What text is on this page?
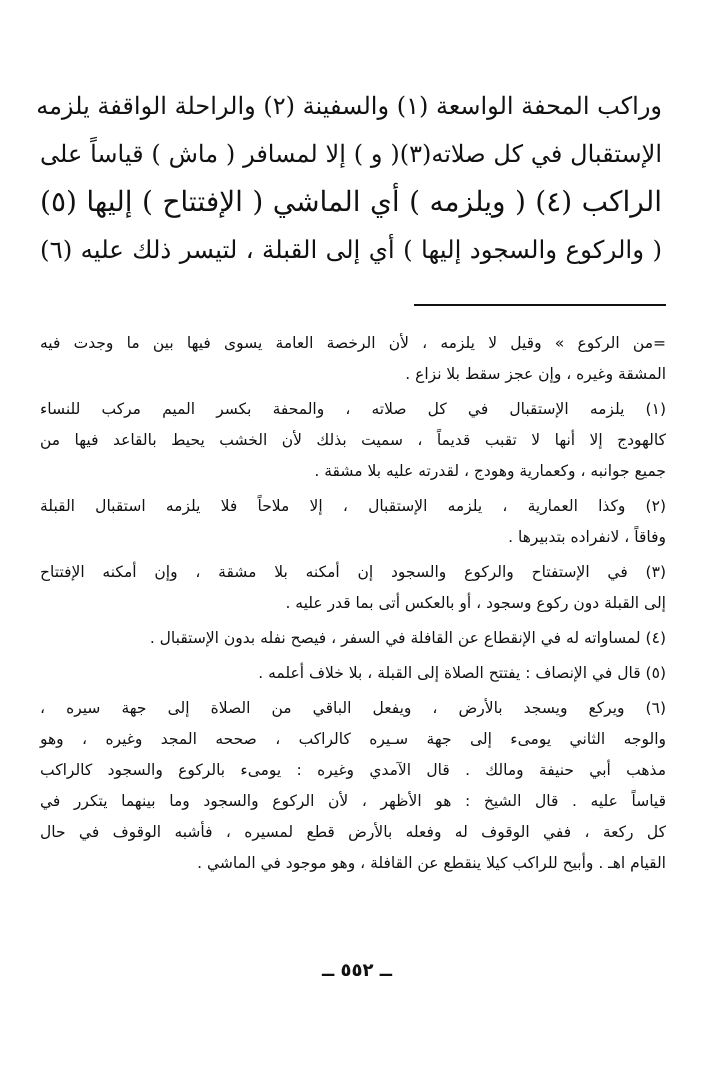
وراكب المحفة الواسعة (١) والسفينة (٢) والراحلة الواقفة يلزمه
الإستقبال في كل صلاته(٣)( و ) إلا لمسافر ( ماش ) قياساً على
الراكب (٤) ( ويلزمه ) أي الماشي ( الإفتتاح ) إليها (٥)
( والركوع والسجود إليها ) أي إلى القبلة ، لتيسر ذلك عليه (٦)
=من الركوع » وقيل لا يلزمه ، لأن الرخصة العامة يسوى فيها بين ما وجدت فيه
المشقة وغيره ، وإن عجز سقط بلا نزاع .
(١) يلزمه الإستقبال في كل صلاته ، والمحفة بكسر الميم مركب للنساء
كالهودج إلا أنها لا تقبب قديماً ، سميت بذلك لأن الخشب يحيط بالقاعد فيها من
جميع جوانبه ، وكعمارية وهودج ، لقدرته عليه بلا مشقة .
(٢) وكذا العمارية ، يلزمه الإستقبال ، إلا ملاحاً فلا يلزمه استقبال القبلة
وفاقاً ، لانفراده بتدبيرها .
(٣) في الإستفتاح والركوع والسجود إن أمكنه بلا مشقة ، وإن أمكنه الإفتتاح
إلى القبلة دون ركوع وسجود ، أو بالعكس أتى بما قدر عليه .
(٤) لمساواته له في الإنقطاع عن القافلة في السفر ، فيصح نفله بدون الإستقبال .
(٥) قال في الإنصاف : يفتتح الصلاة إلى القبلة ، بلا خلاف أعلمه .
(٦) ويركع ويسجد بالأرض ، ويفعل الباقي من الصلاة إلى جهة سيره ،
والوجه الثاني يومىء إلى جهة سـيره كالراكب ، صححه المجد وغيره ، وهو
مذهب أبي حنيفة ومالك . قال الآمدي وغيره : يومىء بالركوع والسجود كالراكب
قياساً عليه . قال الشيخ : هو الأظهر ، لأن الركوع والسجود وما بينهما يتكرر في
كل ركعة ، ففي الوقوف له وفعله بالأرض قطع لمسيره ، فأشبه الوقوف في حال
القيام اهـ . وأبيح للراكب كيلا ينقطع عن القافلة ، وهو موجود في الماشي .
ــ ٥٥٢ ــ
